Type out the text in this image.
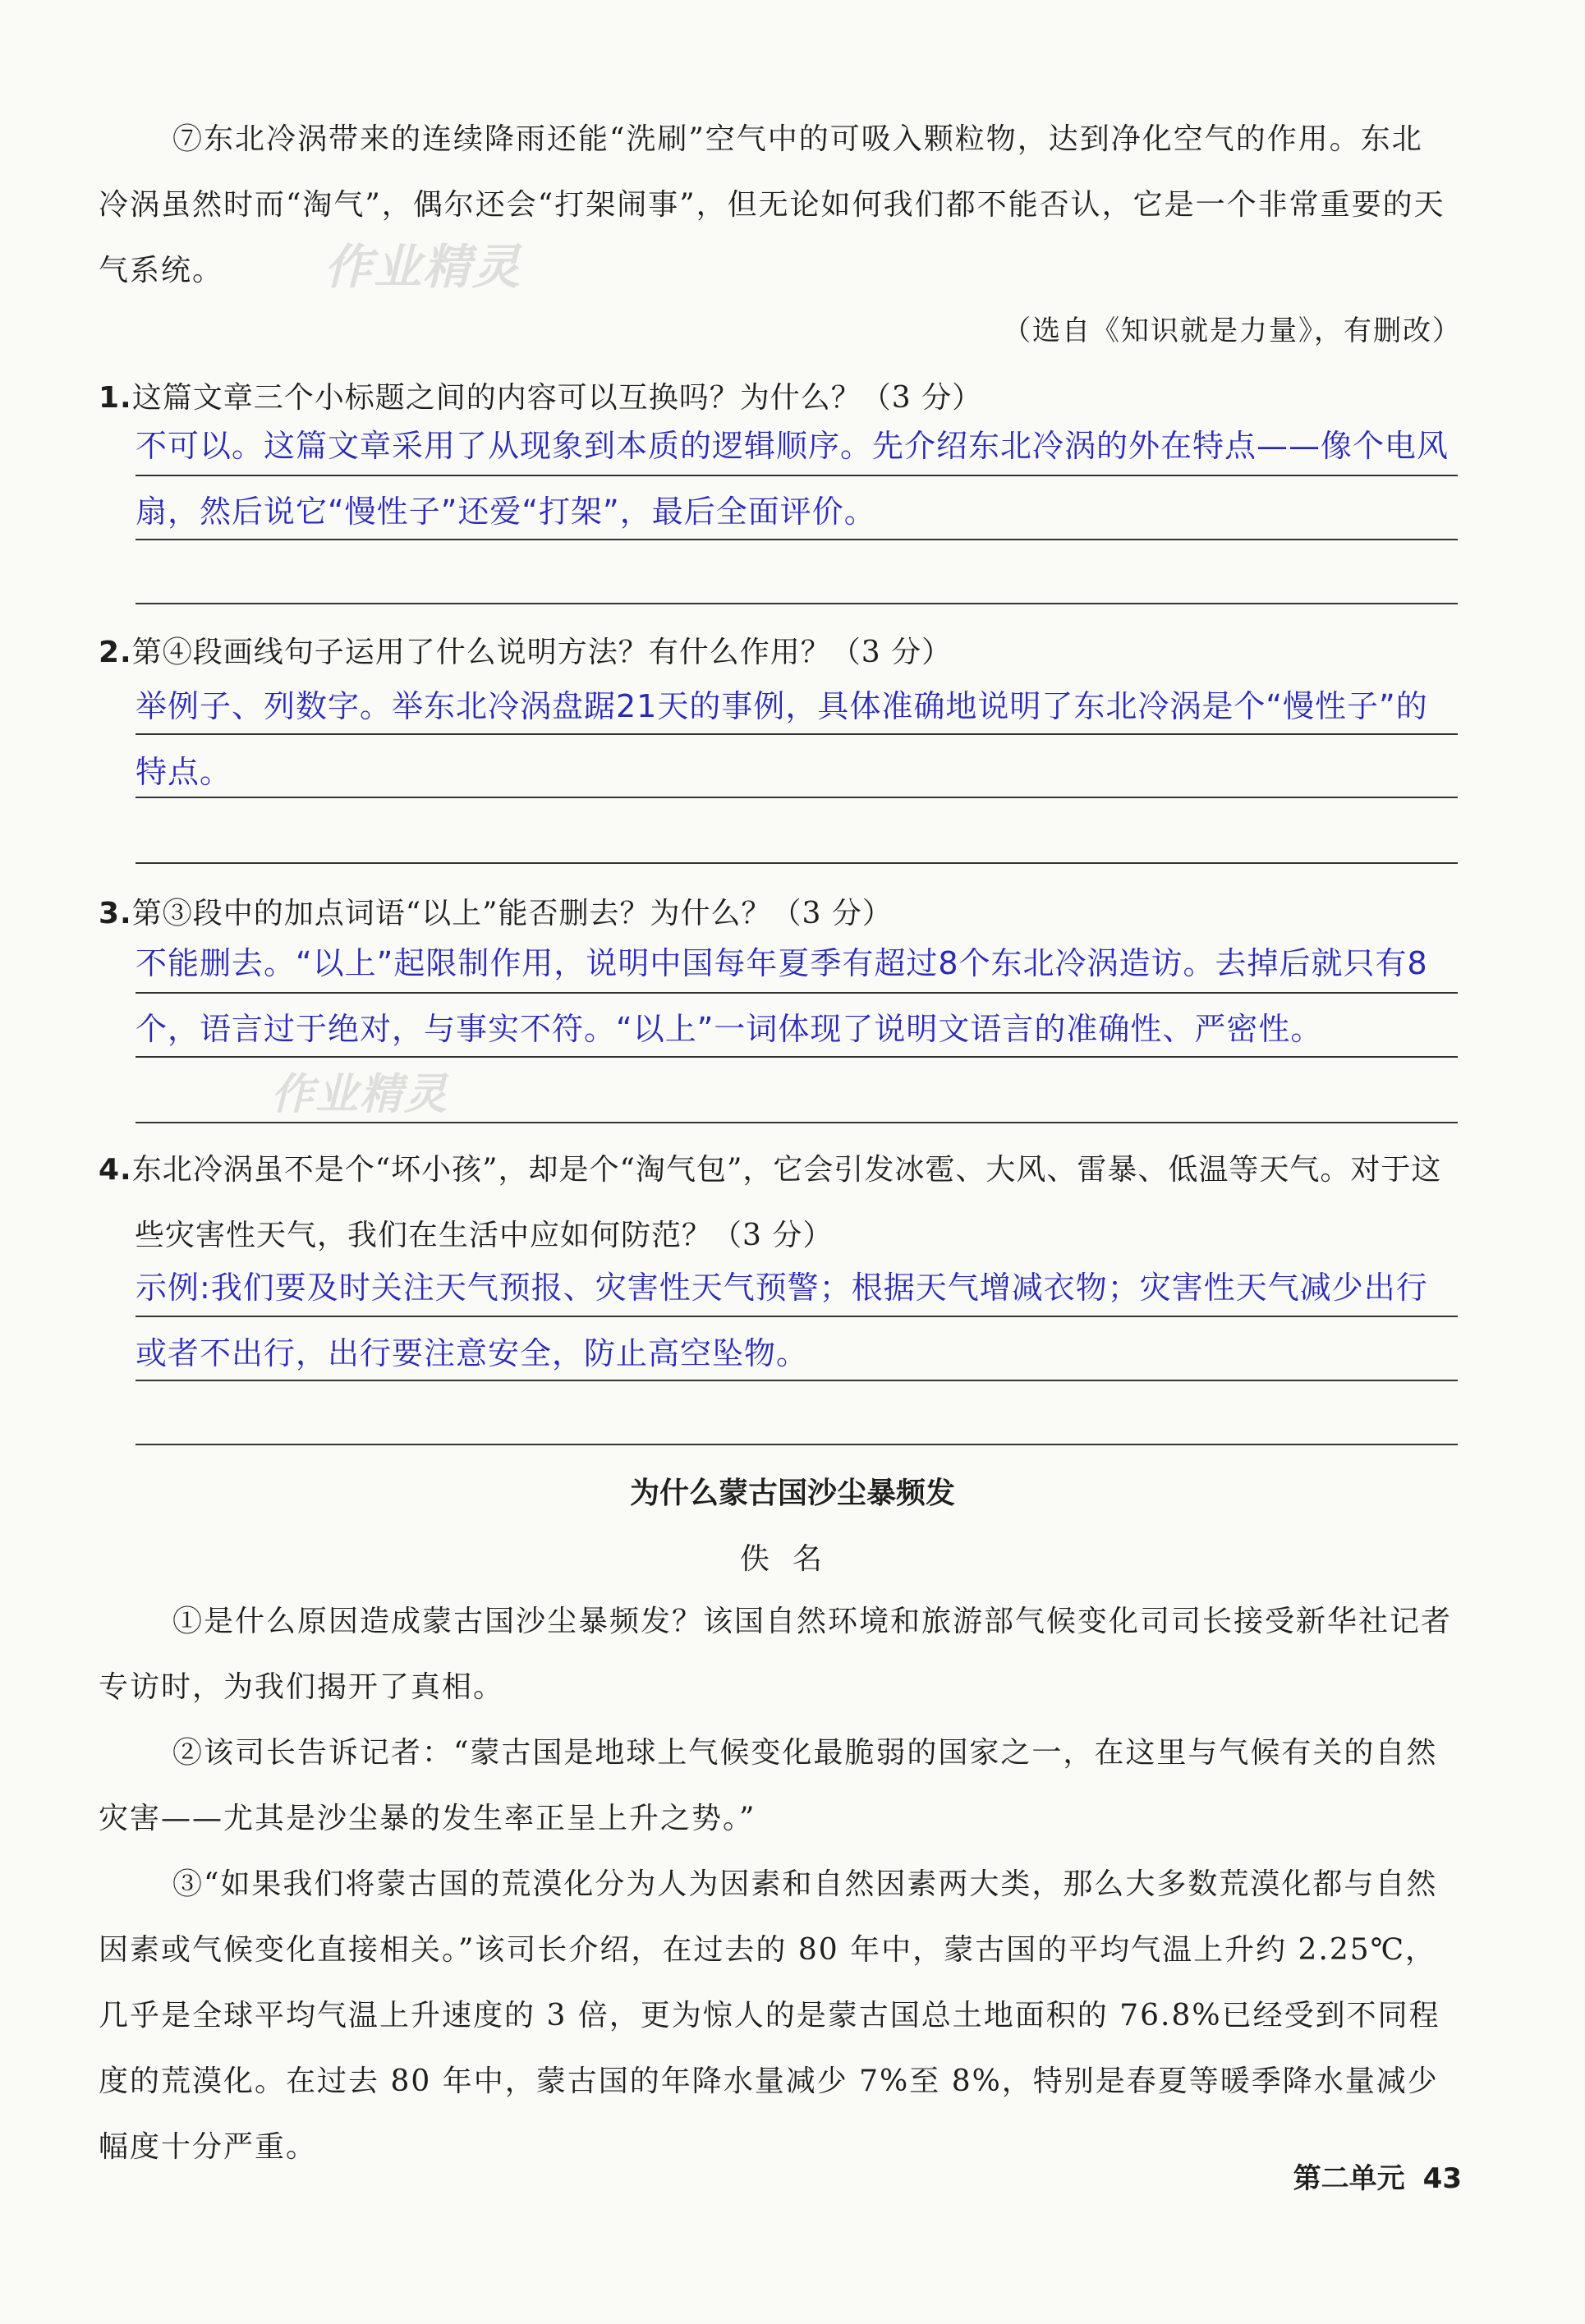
⑦东北冷涡带来的连续降雨还能“洗刷”空气中的可吸入颗粒物，达到净化空气的作用。东北冷涡虽然时而“淘气”，偶尔还会“打架闹事”，但无论如何我们都不能否认，它是一个非常重要的天气系统。	作业精灵
（选自《知识就是力量》，有删改）
1.这篇文章三个小标题之间的内容可以互换吗？为什么？（3 分）
不可以。这篇文章采用了从现象到本质的逻辑顺序。先介绍东北冷涡的外在特点——像个电风扇，然后说它“慢性子”还爱“打架”，最后全面评价。
2.第④段画线句子运用了什么说明方法？有什么作用？（3 分）
举例子、列数字。举东北冷涡盘踞21天的事例，具体准确地说明了东北冷涡是个“慢性子”的特点。
3.第③段中的加点词语“以上”能否删去？为什么？（3 分）
不能删去。“以上”起限制作用，说明中国每年夏季有超过8个东北冷涡造访。去掉后就只有8个，语言过于绝对，与事实不符。“以上”一词体现了说明文语言的准确性、严密性。
作业精灵
4.东北冷涡虽不是个“坏小孩”，却是个“淘气包”，它会引发冰雹、大风、雷暴、低温等天气。对于这些灾害性天气，我们在生活中应如何防范？（3 分）
示例:我们要及时关注天气预报、灾害性天气预警；根据天气增减衣物；灾害性天气减少出行或者不出行，出行要注意安全，防止高空坠物。
为什么蒙古国沙尘暴频发
佚名

①是什么原因造成蒙古国沙尘暴频发？该国自然环境和旅游部气候变化司司长接受新华社记者专访时，为我们揭开了真相。

②该司长告诉记者：“蒙古国是地球上气候变化最脆弱的国家之一，在这里与气候有关的自然灾害——尤其是沙尘暴的发生率正呈上升之势。”

③“如果我们将蒙古国的荒漠化分为人为因素和自然因素两大类，那么大多数荒漠化都与自然因素或气候变化直接相关。”该司长介绍，在过去的 80 年中，蒙古国的平均气温上升约 2.25℃，几乎是全球平均气温上升速度的 3 倍，更为惊人的是蒙古国总土地面积的 76.8%已经受到不同程度的荒漠化。在过去 80 年中，蒙古国的年降水量减少 7%至 8%，特别是春夏等暖季降水量减少幅度十分严重。

第二单元 43
